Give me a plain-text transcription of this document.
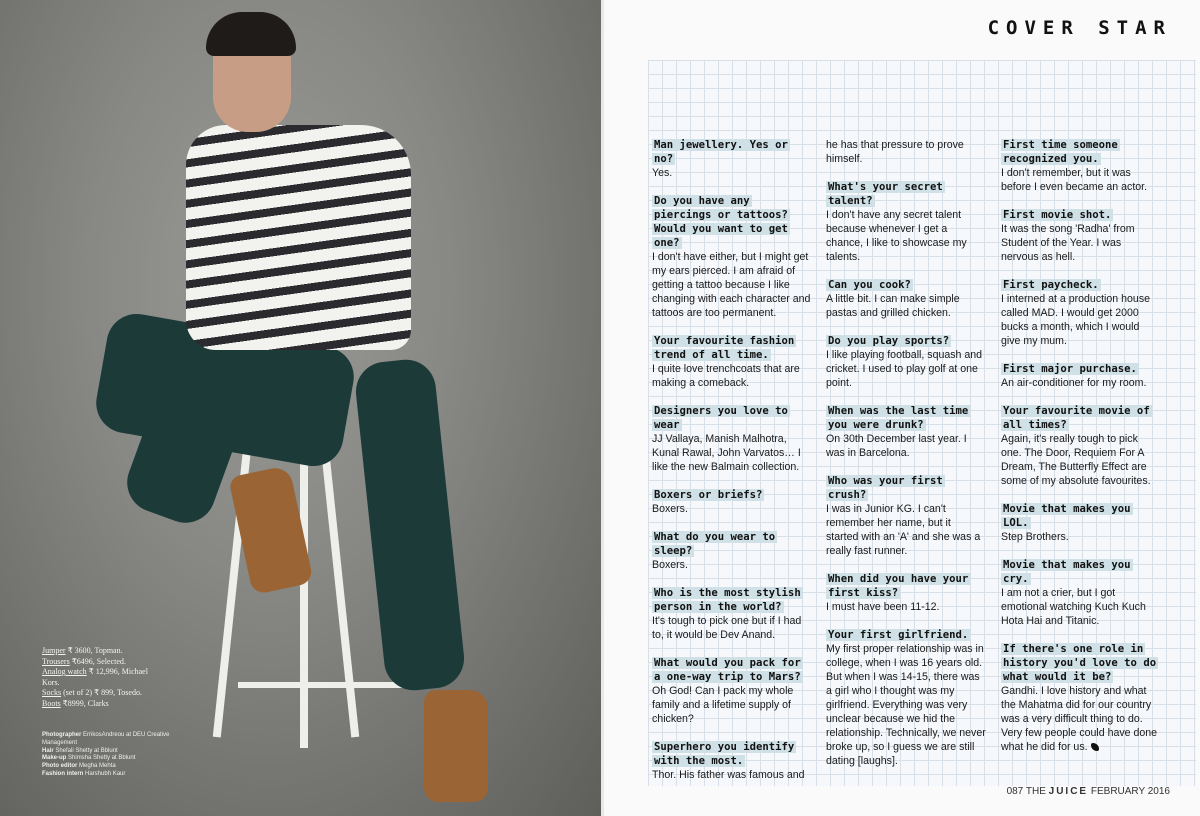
Jumper ₹ 3600, Topman.
Trousers ₹6496, Selected.
Analog watch ₹ 12,996, Michael Kors.
Socks (set of 2) ₹ 899, Tosedo.
Boots ₹8999, Clarks
Photographer ErrikosAndreou at DEU Creative Management
Hair Shefali Shetty at Bblunt
Make-up Shimsha Shetty at Bblunt
Photo editor Megha Mehta
Fashion intern Harshubh Kaur
COVER STAR
Man jewellery. Yes or no?
Yes.
Do you have any piercings or tattoos? Would you want to get one?
I don't have either, but I might get my ears pierced. I am afraid of getting a tattoo because I like changing with each character and tattoos are too permanent.
Your favourite fashion trend of all time.
I quite love trenchcoats that are making a comeback.
Designers you love to wear
JJ Vallaya, Manish Malhotra, Kunal Rawal, John Varvatos… I like the new Balmain collection.
Boxers or briefs?
Boxers.
What do you wear to sleep?
Boxers.
Who is the most stylish person in the world?
It's tough to pick one but if I had to, it would be Dev Anand.
What would you pack for a one-way trip to Mars?
Oh God! Can I pack my whole family and a lifetime supply of chicken?
Superhero you identify with the most.
Thor. His father was famous and
he has that pressure to prove himself.
What's your secret talent?
I don't have any secret talent because whenever I get a chance, I like to showcase my talents.
Can you cook?
A little bit. I can make simple pastas and grilled chicken.
Do you play sports?
I like playing football, squash and cricket. I used to play golf at one point.
When was the last time you were drunk?
On 30th December last year. I was in Barcelona.
Who was your first crush?
I was in Junior KG. I can't remember her name, but it started with an 'A' and she was a really fast runner.
When did you have your first kiss?
I must have been 11-12.
Your first girlfriend.
My first proper relationship was in college, when I was 16 years old. But when I was 14-15, there was a girl who I thought was my girlfriend. Everything was very unclear because we hid the relationship. Technically, we never broke up, so I guess we are still dating [laughs].
First time someone recognized you.
I don't remember, but it was before I even became an actor.
First movie shot.
It was the song 'Radha' from Student of the Year. I was nervous as hell.
First paycheck.
I interned at a production house called MAD. I would get 2000 bucks a month, which I would give my mum.
First major purchase.
An air-conditioner for my room.
Your favourite movie of all times?
Again, it's really tough to pick one. The Door, Requiem For A Dream, The Butterfly Effect are some of my absolute favourites.
Movie that makes you LOL.
Step Brothers.
Movie that makes you cry.
I am not a crier, but I got emotional watching Kuch Kuch Hota Hai and Titanic.
If there's one role in history you'd love to do what would it be?
Gandhi. I love history and what the Mahatma did for our country was a very difficult thing to do. Very few people could have done what he did for us.
087 THE JUICE FEBRUARY 2016
